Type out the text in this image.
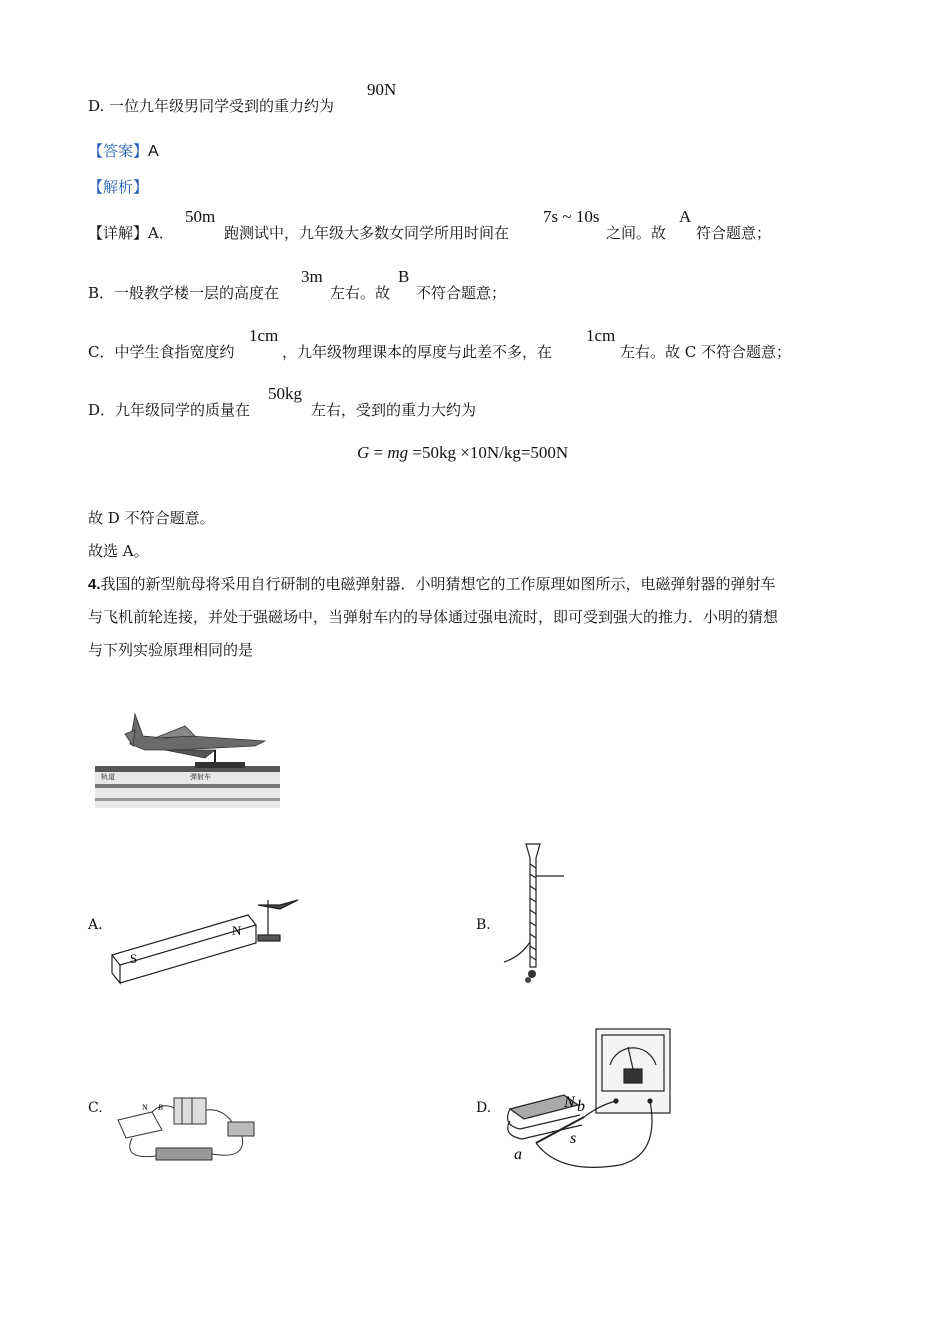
D. 一位九年级男同学受到的重力约为
90N
【答案】A
【解析】
【详解】A．
50m
跑测试中，九年级大多数女同学所用时间在
7s ~ 10s
之间。故
A
符合题意；
B．一般教学楼一层的高度在
3m
左右。故
B
不符合题意；
C．中学生食指宽度约
1cm
，九年级物理课本的厚度与此差不多，在
1cm
左右。故 C 不符合题意；
D．九年级同学的质量在
50kg
左右，受到的重力大约为
G = mg =50kg ×10N/kg=500N
故 D 不符合题意。
故选 A。
4.我国的新型航母将采用自行研制的电磁弹射器．小明猜想它的工作原理如图所示，电磁弹射器的弹射车
与飞机前轮连接，并处于强磁场中，当弹射车内的导体通过强电流时，即可受到强大的推力．小明的猜想
与下列实验原理相同的是
轨道	弹射车
A.
S
N	B.
C.	N B	D.	N b
a
s
